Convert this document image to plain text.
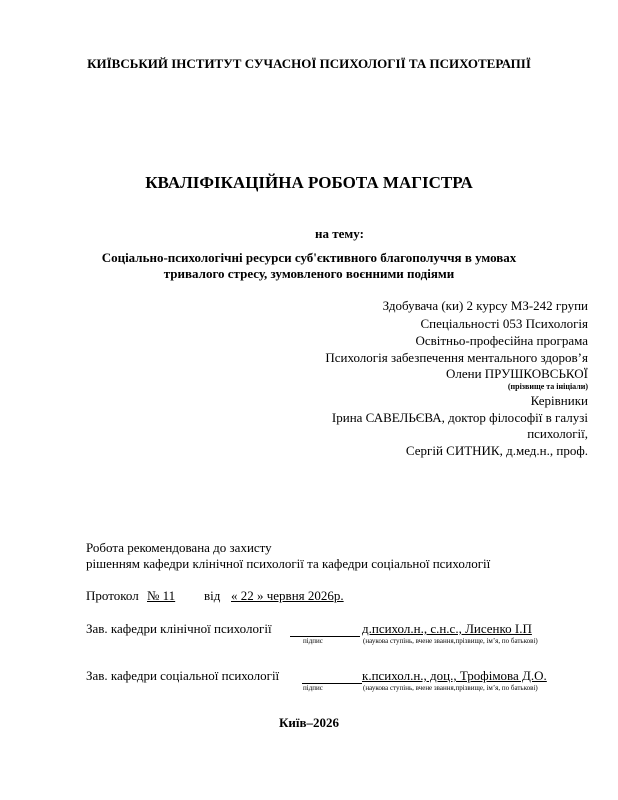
КИЇВСЬКИЙ ІНСТИТУТ СУЧАСНОЇ ПСИХОЛОГІЇ ТА ПСИХОТЕРАПІЇ
КВАЛІФІКАЦІЙНА РОБОТА МАГІСТРА
на тему:
Соціально-психологічні ресурси суб'єктивного благополуччя в умовах
тривалого стресу, зумовленого воєнними подіями
Здобувача (ки) 2 курсу МЗ-242 групи
Спеціальності 053 Психологія
Освітньо-професійна програма
Психологія забезпечення ментального здоров’я
Олени ПРУШКОВСЬКОЇ
(прізвище та ініціали)
Керівники
Ірина САВЕЛЬЄВА, доктор філософії в галузі
психології,
Сергій СИТНИК, д.мед.н., проф.
Робота рекомендована до захисту
рішенням кафедри клінічної психології та кафедри соціальної психології
Протокол № 11 від « 22 » червня 2026р.
Зав. кафедри клінічної психології	д.психол.н., с.н.с., Лисенко І.П
підпис	(наукова ступінь, вчене звання,прізвище, ім’я, по батькові)
Зав. кафедри соціальної психології	к.психол.н., доц., Трофімова Д.О.
підпис	(наукова ступінь, вчене звання,прізвище, ім’я, по батькові)
Київ–2026
